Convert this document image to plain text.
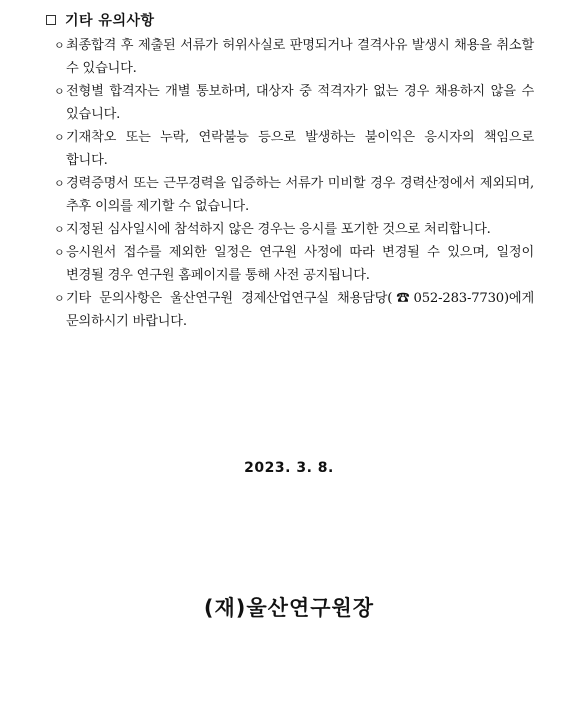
기타 유의사항
ㅇ 최종합격 후 제출된 서류가 허위사실로 판명되거나 결격사유 발생시 채용을 취소할 수 있습니다.
ㅇ 전형별 합격자는 개별 통보하며, 대상자 중 적격자가 없는 경우 채용하지 않을 수 있습니다.
ㅇ 기재착오 또는 누락, 연락불능 등으로 발생하는 불이익은 응시자의 책임으로 합니다.
ㅇ 경력증명서 또는 근무경력을 입증하는 서류가 미비할 경우 경력산정에서 제외되며, 추후 이의를 제기할 수 없습니다.
ㅇ 지정된 심사일시에 참석하지 않은 경우는 응시를 포기한 것으로 처리합니다.
ㅇ 응시원서 접수를 제외한 일정은 연구원 사정에 따라 변경될 수 있으며, 일정이 변경될 경우 연구원 홈페이지를 통해 사전 공지됩니다.
ㅇ 기타 문의사항은 울산연구원 경제산업연구실 채용담당(☎052-283-7730)에게 문의하시기 바랍니다.
2023. 3. 8.
(재)울산연구원장
